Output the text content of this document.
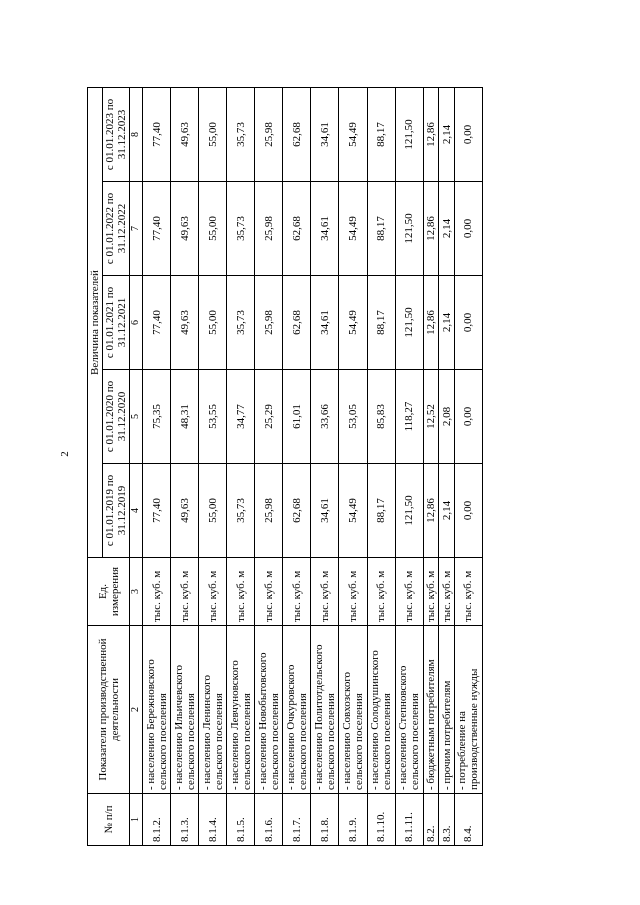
2
№ п/п	Показатели производственной деятельности	Ед. измерения	Величина показателей				
			с 01.01.2019 по 31.12.2019	с 01.01.2020 по 31.12.2020	с 01.01.2021 по 31.12.2021	с 01.01.2022 по 31.12.2022	с 01.01.2023 по 31.12.2023
1	2	3	4	5	6	7	8
8.1.2.	- населению Бережновского сельского поселения	тыс. куб. м	77,40	75,35	77,40	77,40	77,40
8.1.3.	- населению Ильичевского сельского поселения	тыс. куб. м	49,63	48,31	49,63	49,63	49,63
8.1.4.	- населению Ленинского сельского поселения	тыс. куб. м	55,00	53,55	55,00	55,00	55,00
8.1.5.	- населению Левчуновского сельского поселения	тыс. куб. м	35,73	34,77	35,73	35,73	35,73
8.1.6.	- населению Новобытовского сельского поселения	тыс. куб. м	25,98	25,29	25,98	25,98	25,98
8.1.7.	- населению Очкуровского сельского поселения	тыс. куб. м	62,68	61,01	62,68	62,68	62,68
8.1.8.	- населению Политотдельского сельского поселения	тыс. куб. м	34,61	33,66	34,61	34,61	34,61
8.1.9.	- населению Совхозского сельского поселения	тыс. куб. м	54,49	53,05	54,49	54,49	54,49
8.1.10.	- населению Солодушинского сельского поселения	тыс. куб. м	88,17	85,83	88,17	88,17	88,17
8.1.11.	- населению Степновского сельского поселения	тыс. куб. м	121,50	118,27	121,50	121,50	121,50
8.2.	- бюджетным потребителям	тыс. куб. м	12,86	12,52	12,86	12,86	12,86
8.3.	- прочим потребителям	тыс. куб. м	2,14	2,08	2,14	2,14	2,14
8.4.	- потребление на производственные нужды	тыс. куб. м	0,00	0,00	0,00	0,00	0,00
